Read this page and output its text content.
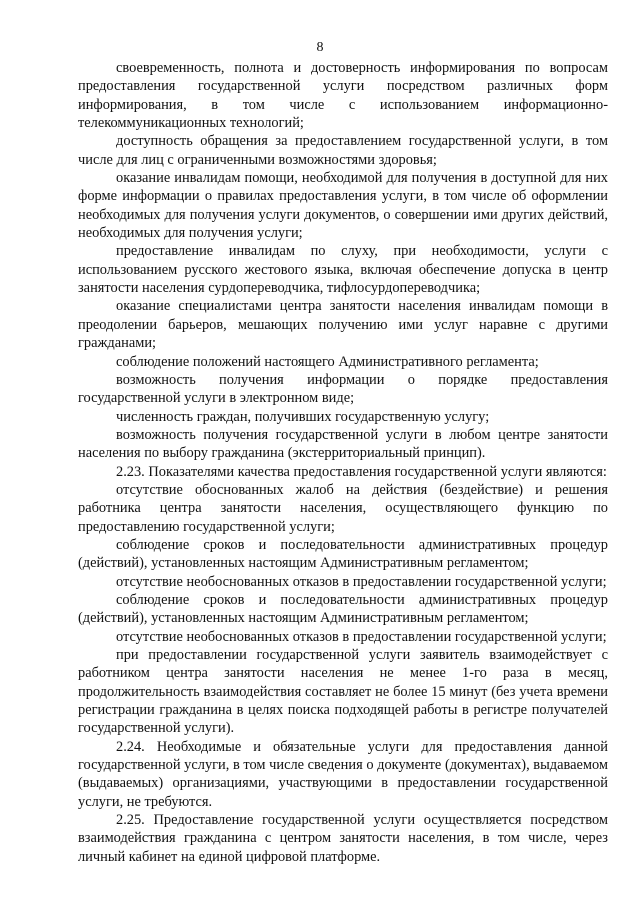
8

своевременность, полнота и достоверность информирования по вопросам предоставления государственной услуги посредством различных форм информирования, в том числе с использованием информационно-телекоммуникационных технологий;

доступность обращения за предоставлением государственной услуги, в том числе для лиц с ограниченными возможностями здоровья;

оказание инвалидам помощи, необходимой для получения в доступной для них форме информации о правилах предоставления услуги, в том числе об оформлении необходимых для получения услуги документов, о совершении ими других действий, необходимых для получения услуги;

предоставление инвалидам по слуху, при необходимости, услуги с использованием русского жестового языка, включая обеспечение допуска в центр занятости населения сурдопереводчика, тифлосурдопереводчика;

оказание специалистами центра занятости населения инвалидам помощи в преодолении барьеров, мешающих получению ими услуг наравне с другими гражданами;

соблюдение положений настоящего Административного регламента;

возможность получения информации о порядке предоставления государственной услуги в электронном виде;

численность граждан, получивших государственную услугу;

возможность получения государственной услуги в любом центре занятости населения по выбору гражданина (экстерриториальный принцип).

2.23. Показателями качества предоставления государственной услуги являются:

отсутствие обоснованных жалоб на действия (бездействие) и решения работника центра занятости населения, осуществляющего функцию по предоставлению государственной услуги;

соблюдение сроков и последовательности административных процедур (действий), установленных настоящим Административным регламентом;

отсутствие необоснованных отказов в предоставлении государственной услуги;

соблюдение сроков и последовательности административных процедур (действий), установленных настоящим Административным регламентом;

отсутствие необоснованных отказов в предоставлении государственной услуги;

при предоставлении государственной услуги заявитель взаимодействует с работником центра занятости населения не менее 1-го раза в месяц, продолжительность взаимодействия составляет не более 15 минут (без учета времени регистрации гражданина в целях поиска подходящей работы в регистре получателей государственной услуги).

2.24. Необходимые и обязательные услуги для предоставления данной государственной услуги, в том числе сведения о документе (документах), выдаваемом (выдаваемых) организациями, участвующими в предоставлении государственной услуги, не требуются.

2.25. Предоставление государственной услуги осуществляется посредством взаимодействия гражданина с центром занятости населения, в том числе, через личный кабинет на единой цифровой платформе.
